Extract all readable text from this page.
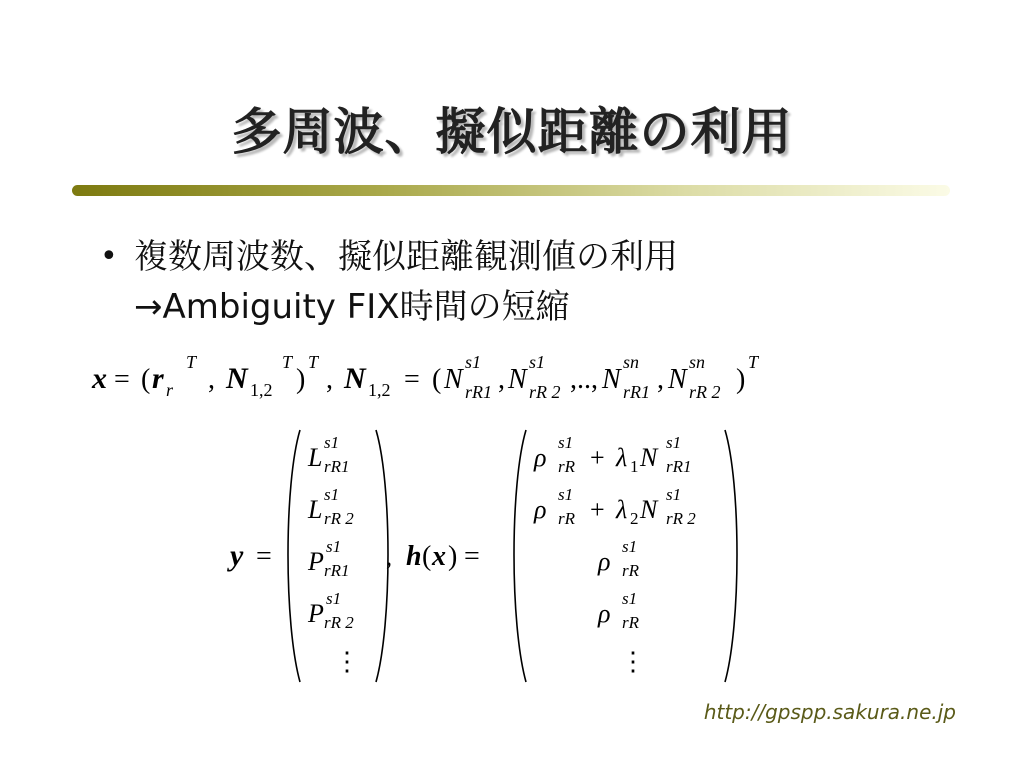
多周波、擬似距離の利用
• 複数周波数、擬似距離観測値の利用
→Ambiguity FIX時間の短縮
x = ( r r
T
, N 1,2
T
)
T
, N 1,2 = ( N
s1
rR1 , N
s1
rR 2 ,.., N
sn
rR1 , N
sn
rR 2 )
T
y =
L
s1
rR1
L
s1
rR 2
P
s1
rR1
P
s1
rR 2
⋮
, h ( x ) =
ρ
s1
rR + λ 1 N
s1
rR1
ρ
s1
rR + λ 2 N
s1
rR 2
ρ
s1
rR
ρ
s1
rR
⋮
http://gpspp.sakura.ne.jp
